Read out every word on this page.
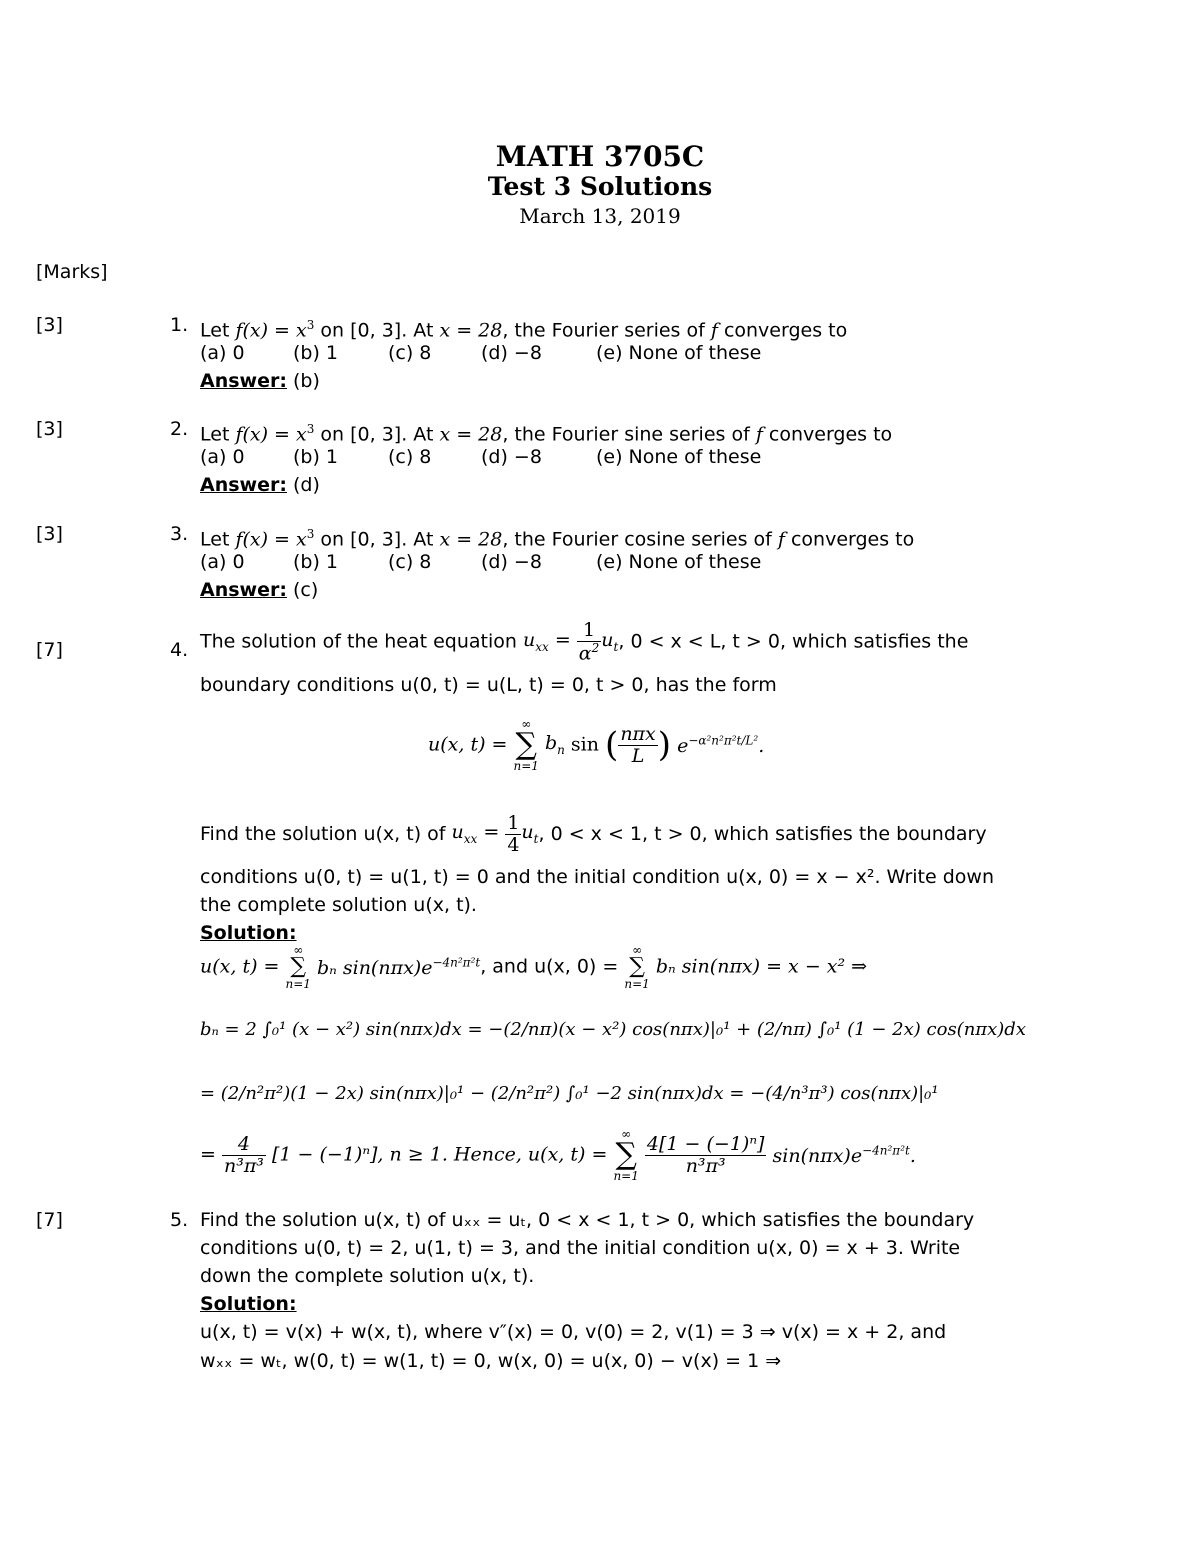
MATH 3705C
Test 3 Solutions
March 13, 2019
[Marks]
[3]	1. Let $f(x) = x^3$ on [0, 3]. At x = 28, the Fourier series of f converges to
(a) 0	(b) 1	(c) 8	(d) −8	(e) None of these
Answer: (b)
[3]	2. Let $f(x) = x^3$ on [0, 3]. At x = 28, the Fourier sine series of f converges to
(a) 0	(b) 1	(c) 8	(d) −8	(e) None of these
Answer: (d)
[3]	3. Let $f(x) = x^3$ on [0, 3]. At x = 28, the Fourier cosine series of f converges to
(a) 0	(b) 1	(c) 8	(d) −8	(e) None of these
Answer: (c)
[7]	4. The solution of the heat equation $u_{xx} = \frac{1}{\alpha^2} u_t$, 0 < x < L, t > 0, which satisfies the
boundary conditions u(0, t) = u(L, t) = 0, t > 0, has the form
u(x, t) =
∞
∑
n=1
$b_n$ sin ( $\frac{\text{nπx}}{L}$ ) $e^{-\alpha^2n^2\pi^2t/L^2}$.
Find the solution u(x, t) of $u_{xx} = \frac{1}{4} u_t$, 0 < x < 1, t > 0, which satisfies the boundary
conditions u(0, t) = u(1, t) = 0 and the initial condition u(x, 0) = x − x². Write down
the complete solution u(x, t).
Solution:
u(x, t) =
∞
∑
n=1
bₙ $\sin(n\pi x)e^{-4n^2\pi^2t}$, and u(x, 0) =
∞
∑
n=1
bₙ sin(nπx) = x − x² ⇒
bₙ = 2 ∫₀¹ (x − x²) sin(nπx)dx = −(2/nπ)(x − x²) cos(nπx)|₀¹ + (2/nπ) ∫₀¹ (1 − 2x) cos(nπx)dx
= (2/n²π²)(1 − 2x) sin(nπx)|₀¹ − (2/n²π²) ∫₀¹ −2 sin(nπx)dx = −(4/n³π³) cos(nπx)|₀¹
= $\frac{4}{\text{n³π³}} [1 - (-1)^n]$, n ≥ 1. Hence, u(x, t) =
∞
∑
n=1
$\frac{\text{4[1 − (−1)ⁿ]}}{\text{n³π³}} \sin(n\pi x)e^{-4n^2\pi^2t}$.
[7]	5. Find the solution u(x, t) of uₓₓ = uₜ, 0 < x < 1, t > 0, which satisfies the boundary
conditions u(0, t) = 2, u(1, t) = 3, and the initial condition u(x, 0) = x + 3. Write
down the complete solution u(x, t).
Solution:
u(x, t) = v(x) + w(x, t), where v″(x) = 0, v(0) = 2, v(1) = 3 ⇒ v(x) = x + 2, and
wₓₓ = wₜ, w(0, t) = w(1, t) = 0, w(x, 0) = u(x, 0) − v(x) = 1 ⇒
